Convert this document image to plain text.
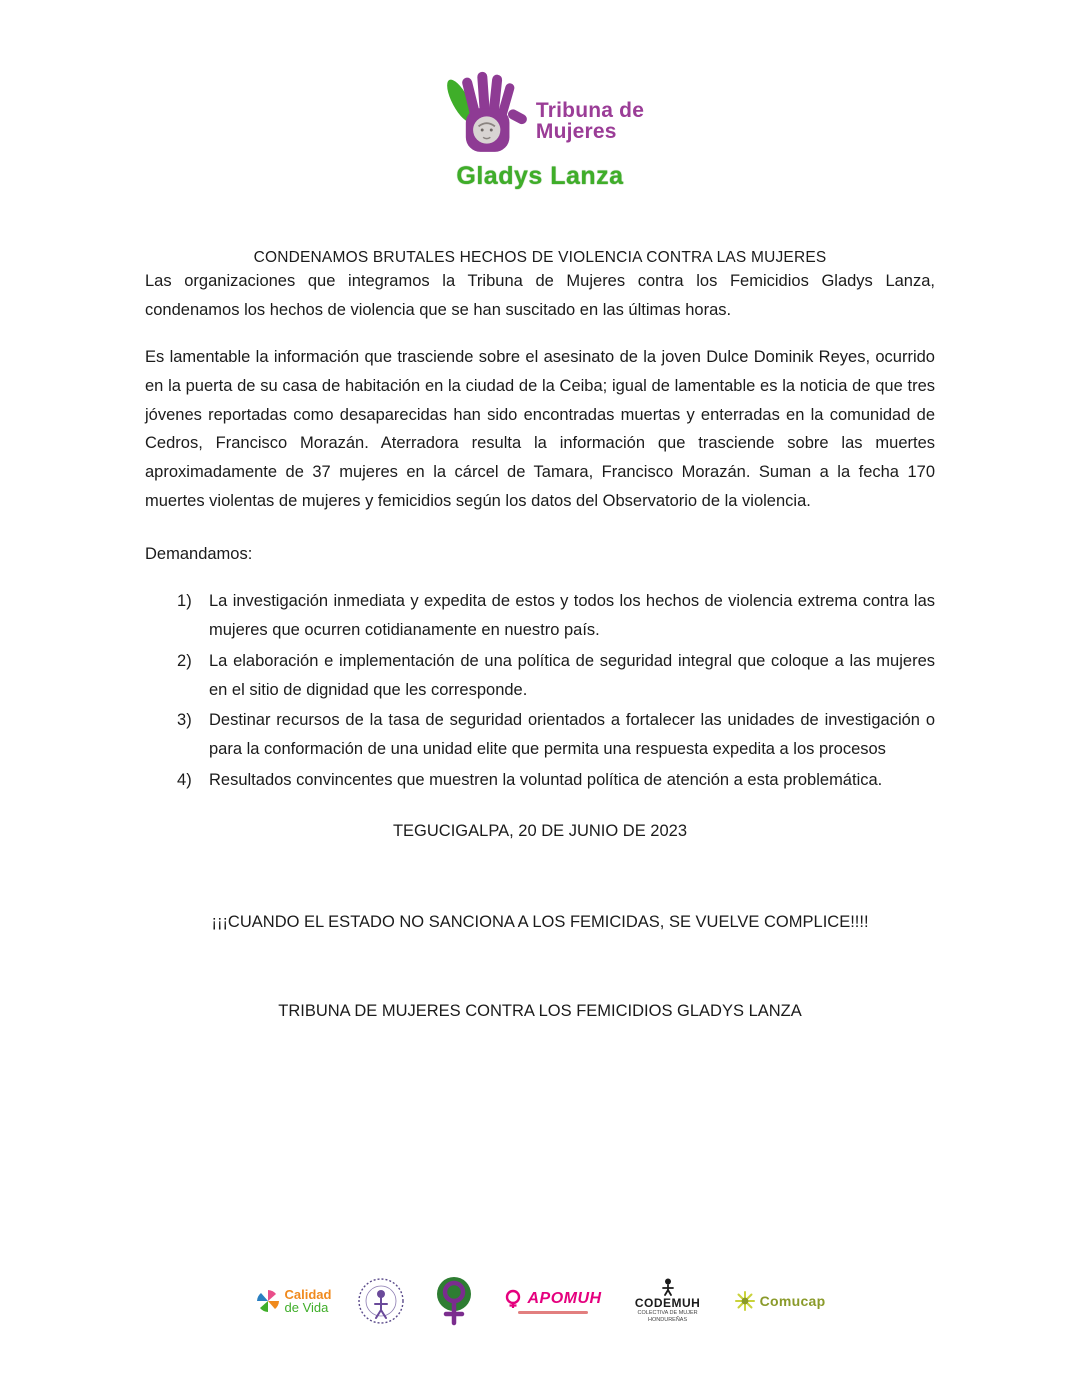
Tribuna de
Mujeres
Gladys Lanza
CONDENAMOS BRUTALES HECHOS DE VIOLENCIA CONTRA LAS MUJERES

Las organizaciones que integramos la Tribuna de Mujeres contra los Femicidios Gladys Lanza, condenamos los hechos de violencia que se han suscitado en las últimas horas.

Es lamentable la información que trasciende sobre el asesinato de la joven Dulce Dominik Reyes, ocurrido en la puerta de su casa de habitación en la ciudad de la Ceiba; igual de lamentable es la noticia de que tres jóvenes reportadas como desaparecidas han sido encontradas muertas y enterradas en la comunidad de Cedros, Francisco Morazán. Aterradora resulta la información que trasciende sobre las muertes aproximadamente de 37 mujeres en la cárcel de Tamara, Francisco Morazán. Suman a la fecha 170 muertes violentas de mujeres y femicidios según los datos del Observatorio de la violencia.

Demandamos:

La investigación inmediata y expedita de estos y todos los hechos de violencia extrema contra las mujeres que ocurren cotidianamente en nuestro país.
La elaboración e implementación de una política de seguridad integral que coloque a las mujeres en el sitio de dignidad que les corresponde.
Destinar recursos de la tasa de seguridad orientados a fortalecer las unidades de investigación o para la conformación de una unidad elite que permita una respuesta expedita a los procesos
Resultados convincentes que muestren la voluntad política de atención a esta problemática.
TEGUCIGALPA, 20 DE JUNIO DE 2023
¡¡¡CUANDO EL ESTADO NO SANCIONA A LOS FEMICIDAS, SE VUELVE COMPLICE!!!!
TRIBUNA DE MUJERES CONTRA LOS FEMICIDIOS GLADYS LANZA
Calidad
de Vida
APOMUH	CODEMUH
COLECTIVA DE MUJER HONDUREÑAS
Comucap
